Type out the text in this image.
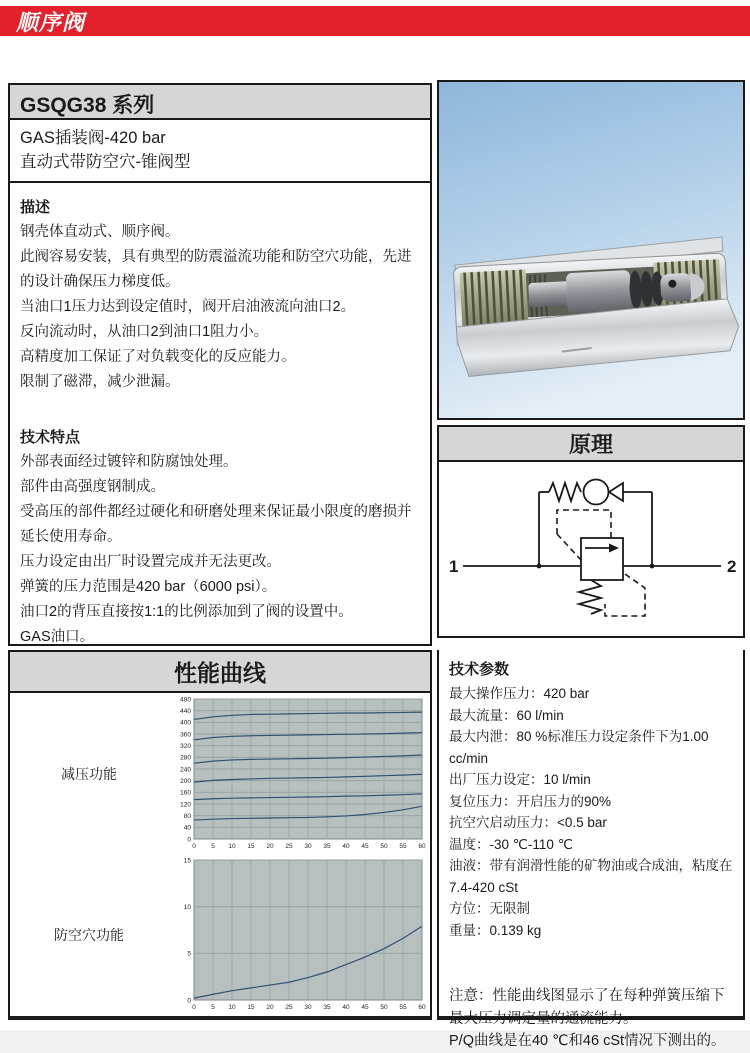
顺序阀
GSQG38 系列
GAS插装阀-420 bar
直动式带防空穴-锥阀型
描述
钢壳体直动式、顺序阀。
此阀容易安装，具有典型的防震溢流功能和防空穴功能，先进的设计确保压力梯度低。
当油口1压力达到设定值时，阀开启油液流向油口2。
反向流动时，从油口2到油口1阻力小。
高精度加工保证了对负载变化的反应能力。
限制了磁滞，减少泄漏。
技术特点
外部表面经过镀锌和防腐蚀处理。
部件由高强度钢制成。
受高压的部件都经过硬化和研磨处理来保证最小限度的磨损并延长使用寿命。
压力设定由出厂时设置完成并无法更改。
弹簧的压力范围是420 bar（6000 psi）。
油口2的背压直接按1:1的比例添加到了阀的设置中。
GAS油口。
性能曲线
减压功能
0
40
80
120
160
200
240
280
320
360
400
440
480
0 5 10 15 20 25 30 35 40 45 50 55 60
防空穴功能
0
5
10
15
0 5 10 15 20 25 30 35 40 45 50 55 60
原理
1	2
技术参数
最大操作压力：420 bar
最大流量：60 l/min
最大内泄：80 %标准压力设定条件下为1.00 cc/min
出厂压力设定：10 l/min
复位压力：开启压力的90%
抗空穴启动压力：<0.5 bar
温度：-30 ℃-110 ℃
油液：带有润滑性能的矿物油或合成油，粘度在7.4-420 cSt
方位：无限制
重量：0.139 kg
注意：性能曲线图显示了在每种弹簧压缩下最大压力调定量的通流能力。
P/Q曲线是在40 ℃和46 cSt情况下测出的。
